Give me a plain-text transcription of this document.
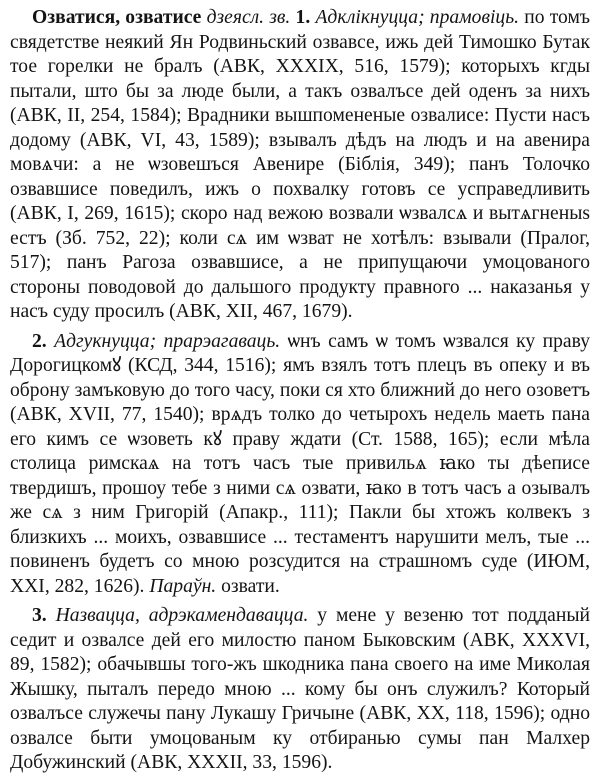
Озватися, озватисе дзеясл. зв. 1. Адклікнуцца; прамовіць. по томъ свядетстве неякий Ян Родвиньский озвавсе, ижь дей Тимошко Бутак тое горелки не бралъ (АВК, XXXIX, 516, 1579); которыхъ кгды пытали, што бы за люде были, а такъ озвалъсе дей оденъ за нихъ (АВК, II, 254, 1584); Врадники вышпомененые озвалисе: Пусти насъ додому (АВК, VI, 43, 1589); взывалъ дѣдъ на людъ и на авенира мовѧчи: а не ѡзовешъся Авенире (Біблія, 349); панъ Толочко озвавшисе поведилъ, ижъ о похвалку готовъ се усправедливить (АВК, I, 269, 1615); скоро над вежою возвали ѡзвалсѧ и вытѧгненыѕ естъ (Зб. 752, 22); коли сѧ им ѡзват не хотѣлъ: взывали (Пралог, 517); панъ Рагоза озвавшисе, а не припущаючи умоцованого стороны поводовой до дальшого продукту правного ... наказанья у насъ суду просилъ (АВК, XII, 467, 1679).

2. Адгукнуцца; прарэагаваць. ѡнъ самъ ѡ томъ ѡзвался ку праву Дорогицкомꙋ (КСД, 344, 1516); ямъ взялъ тотъ плецъ въ опеку и въ оброну замъковую до того часу, поки ся хто ближний до него озоветъ (АВК, XVII, 77, 1540); врѧдъ толко до четырохъ недель маеть пана его кимъ се ѡзоветь кꙋ праву ждати (Ст. 1588, 165); если мѣла столица римскаѧ на тотъ часъ тые привильѧ ꙗко ты дѣеписе твердишъ, прошоу тебе з ними сѧ озвати, ꙗко в тотъ часъ а озывалъ же сѧ з ним Григорій (Апакр., 111); Пакли бы хтожъ колвекъ з близкихъ ... моихъ, озвавшисе ... тестаментъ нарушити мелъ, тые ... повиненъ будетъ со мною розсудится на страшномъ суде (ИЮМ, XXI, 282, 1626). Параўн. озвати.

3. Назвацца, адрэкамендавацца. у мене у везеню тот подданый седит и озвалсе дей его милостю паном Быковским (АВК, XXXVI, 89, 1582); обачывшы того-жъ шкодника пана своего на име Миколая Жышку, пыталъ передо мною ... кому бы онъ служилъ? Который озвалъсе служечы пану Лукашу Гричыне (АВК, XX, 118, 1596); одно озвалсе быти умоцованым ку отбиранью сумы пан Малхер Добужинский (АВК, XXXII, 33, 1596).
